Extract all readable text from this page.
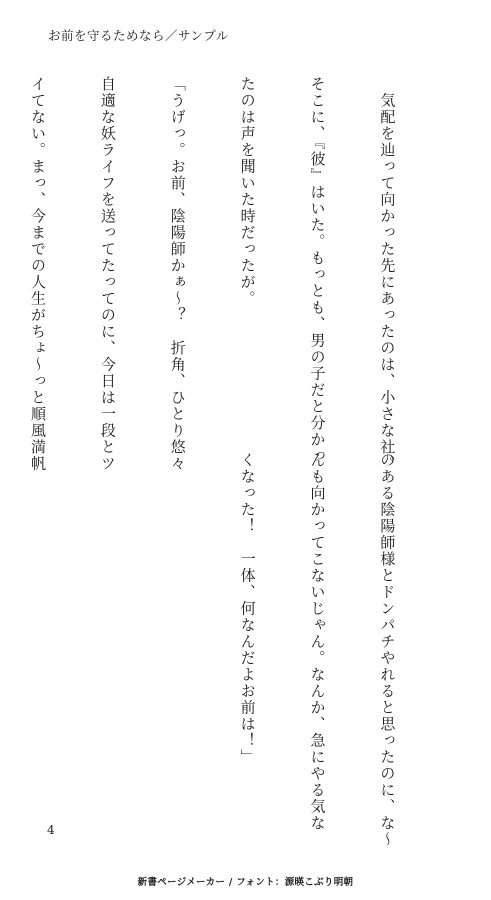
お前を守るためなら／サンプル

　気配を辿って向かった先にあったのは、小さな社。

そこに、『彼』はいた。もっとも、男の子だと分かっ

たのは声を聞いた時だったが。

「うげっ。お前、陰陽師かぁ〜？　折角、ひとり悠々

自適な妖ライフを送ってたってのに、今日は一段とツ

イてない。まっ、今までの人生がちょ〜っと順風満帆

のある陰陽師様とドンパチやれると思ったのに、な〜

んも向かってこないじゃん。なんか、急にやる気な

くなった！　一体、何なんだよお前は！」

4
新書ページメーカー / フォント：源暎こぶり明朝
